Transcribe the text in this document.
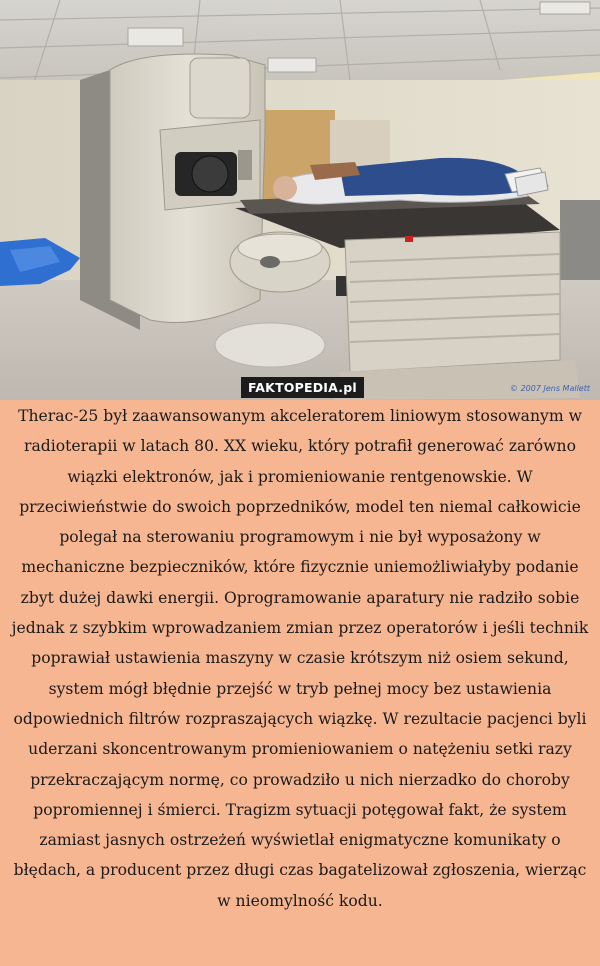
FAKTOPEDIA.pl	© 2007 Jens Mallett

Therac-25 był zaawansowanym akceleratorem liniowym stosowanym w radioterapii w latach 80. XX wieku, który potrafił generować zarówno wiązki elektronów, jak i promieniowanie rentgenowskie. W przeciwieństwie do swoich poprzedników, model ten niemal całkowicie polegał na sterowaniu programowym i nie był wyposażony w mechaniczne bezpieczników, które fizycznie uniemożliwiałyby podanie zbyt dużej dawki energii. Oprogramowanie aparatury nie radziło sobie jednak z szybkim wprowadzaniem zmian przez operatorów i jeśli technik poprawiał ustawienia maszyny w czasie krótszym niż osiem sekund, system mógł błędnie przejść w tryb pełnej mocy bez ustawienia odpowiednich filtrów rozpraszających wiązkę. W rezultacie pacjenci byli uderzani skoncentrowanym promieniowaniem o natężeniu setki razy przekraczającym normę, co prowadziło u nich nierzadko do choroby popromiennej i śmierci. Tragizm sytuacji potęgował fakt, że system zamiast jasnych ostrzeżeń wyświetlał enigmatyczne komunikaty o błędach, a producent przez długi czas bagatelizował zgłoszenia, wierząc w nieomylność kodu.
